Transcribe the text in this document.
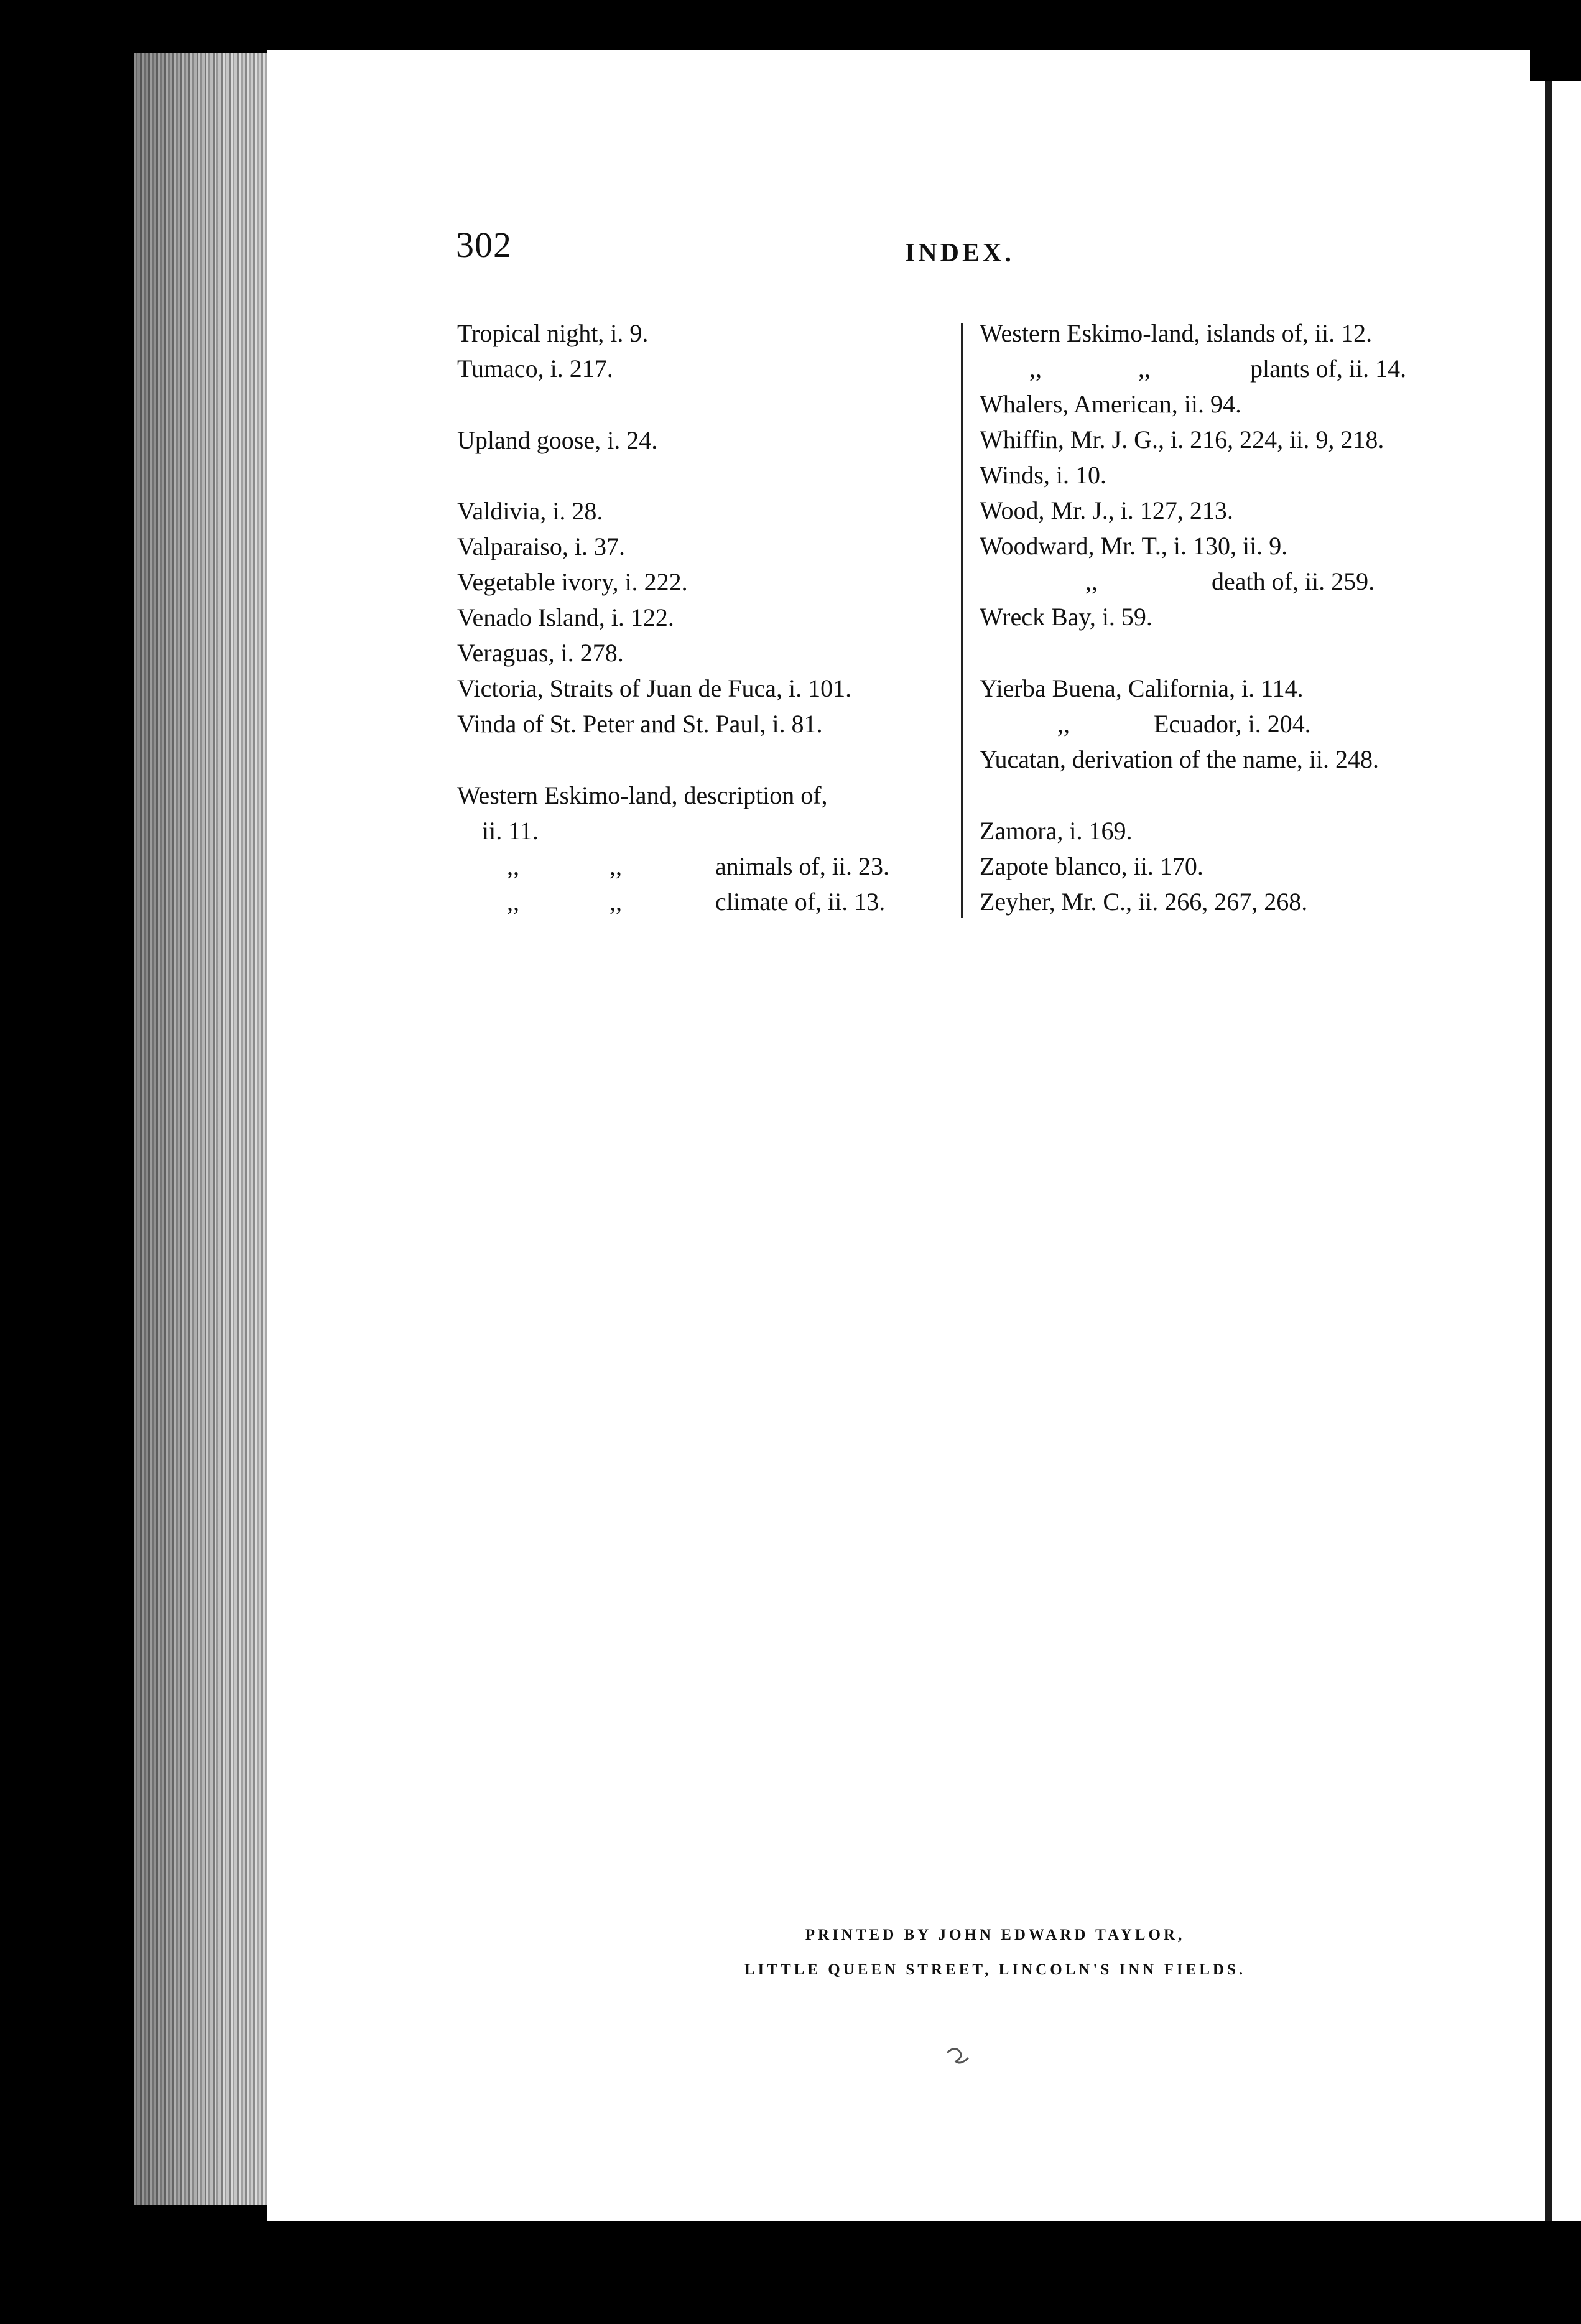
302	INDEX.
Tropical night, i. 9.
Tumaco, i. 217.
Upland goose, i. 24.
Valdivia, i. 28.
Valparaiso, i. 37.
Vegetable ivory, i. 222.
Venado Island, i. 122.
Veraguas, i. 278.
Victoria, Straits of Juan de Fuca, i. 101.
Vinda of St. Peter and St. Paul, i. 81.
Western Eskimo-land, description of,
ii. 11.
,,	,,	animals of, ii. 23.
,,	,,	climate of, ii. 13.
Western Eskimo-land, islands of, ii. 12.
,,	,,	plants of, ii. 14.
Whalers, American, ii. 94.
Whiffin, Mr. J. G., i. 216, 224, ii. 9, 218.
Winds, i. 10.
Wood, Mr. J., i. 127, 213.
Woodward, Mr. T., i. 130, ii. 9.
,,	death of, ii. 259.
Wreck Bay, i. 59.
Yierba Buena, California, i. 114.
,,	Ecuador, i. 204.
Yucatan, derivation of the name, ii. 248.
Zamora, i. 169.
Zapote blanco, ii. 170.
Zeyher, Mr. C., ii. 266, 267, 268.
PRINTED BY JOHN EDWARD TAYLOR,
LITTLE QUEEN STREET, LINCOLN'S INN FIELDS.
